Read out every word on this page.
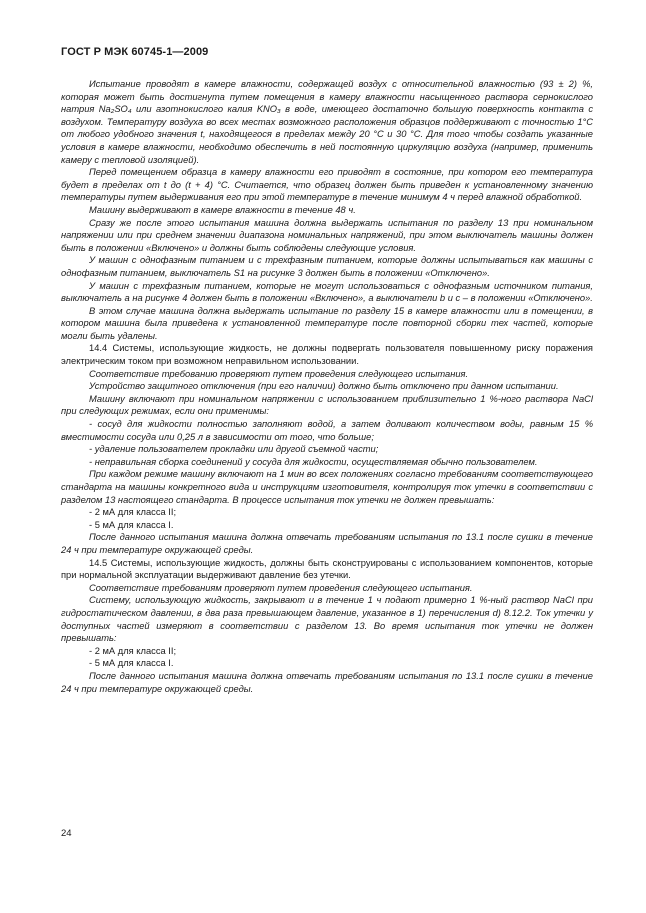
ГОСТ Р МЭК 60745-1—2009

Испытание проводят в камере влажности, содержащей воздух с относительной влажностью (93 ± 2) %, которая может быть достигнута путем помещения в камеру влажности насыщенного раствора сернокислого натрия Na₂SO₄ или азотнокислого калия KNO₃ в воде, имеющего достаточно большую поверхность контакта с воздухом. Температуру воздуха во всех местах возможного расположения образцов поддерживают с точностью 1°С от любого удобного значения t, находящегося в пределах между 20 °С и 30 °С. Для того чтобы создать указанные условия в камере влажности, необходимо обеспечить в ней постоянную циркуляцию воздуха (например, применить камеру с тепловой изоляцией).

Перед помещением образца в камеру влажности его приводят в состояние, при котором его температура будет в пределах от t до (t + 4) °С. Считается, что образец должен быть приведен к установленному значению температуры путем выдерживания его при этой температуре в течение минимум 4 ч перед влажной обработкой.

Машину выдерживают в камере влажности в течение 48 ч.

Сразу же после этого испытания машина должна выдержать испытания по разделу 13 при номинальном напряжении или при среднем значении диапазона номинальных напряжений, при этом выключатель машины должен быть в положении «Включено» и должны быть соблюдены следующие условия.

У машин с однофазным питанием и с трехфазным питанием, которые должны испытываться как машины с однофазным питанием, выключатель S1 на рисунке 3 должен быть в положении «Отключено».

У машин с трехфазным питанием, которые не могут использоваться с однофазным источником питания, выключатель a на рисунке 4 должен быть в положении «Включено», а выключатели b и c – в положении «Отключено».

В этом случае машина должна выдержать испытание по разделу 15 в камере влажности или в помещении, в котором машина была приведена к установленной температуре после повторной сборки тех частей, которые могли быть удалены.

14.4 Системы, использующие жидкость, не должны подвергать пользователя повышенному риску поражения электрическим током при возможном неправильном использовании.

Соответствие требованию проверяют путем проведения следующего испытания.

Устройство защитного отключения (при его наличии) должно быть отключено при данном испытании.

Машину включают при номинальном напряжении с использованием приблизительно 1 %-ного раствора NaCl при следующих режимах, если они применимы:

- сосуд для жидкости полностью заполняют водой, а затем доливают количеством воды, равным 15 % вместимости сосуда или 0,25 л в зависимости от того, что больше;

- удаление пользователем прокладки или другой съемной части;

- неправильная сборка соединений у сосуда для жидкости, осуществляемая обычно пользователем.

При каждом режиме машину включают на 1 мин во всех положениях согласно требованиям соответствующего стандарта на машины конкретного вида и инструкциям изготовителя, контролируя ток утечки в соответствии с разделом 13 настоящего стандарта. В процессе испытания ток утечки не должен превышать:

- 2 мА для класса II;

- 5 мА для класса I.

После данного испытания машина должна отвечать требованиям испытания по 13.1 после сушки в течение 24 ч при температуре окружающей среды.

14.5 Системы, использующие жидкость, должны быть сконструированы с использованием компонентов, которые при нормальной эксплуатации выдерживают давление без утечки.

Соответствие требованиям проверяют путем проведения следующего испытания.

Систему, использующую жидкость, закрывают и в течение 1 ч подают примерно 1 %-ный раствор NaCl при гидростатическом давлении, в два раза превышающем давление, указанное в 1) перечисления d) 8.12.2. Ток утечки у доступных частей измеряют в соответствии с разделом 13. Во время испытания ток утечки не должен превышать:

- 2 мА для класса II;

- 5 мА для класса I.

После данного испытания машина должна отвечать требованиям испытания по 13.1 после сушки в течение 24 ч при температуре окружающей среды.

24
